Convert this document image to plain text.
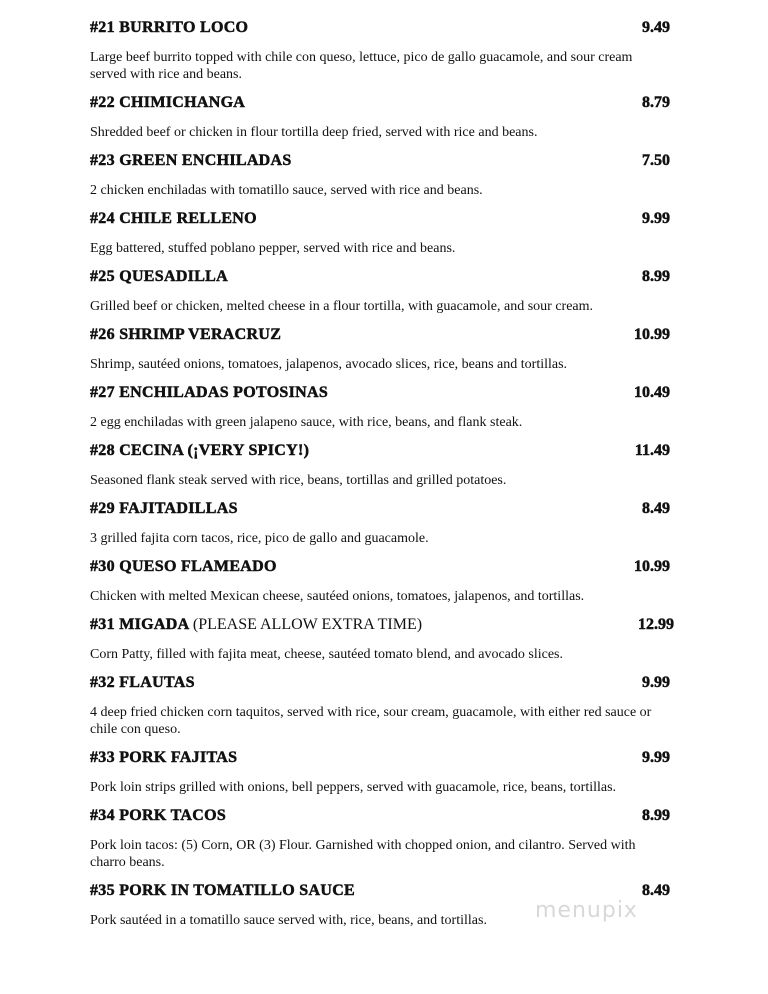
#21 BURRITO LOCO	9.49
Large beef burrito topped with chile con queso, lettuce, pico de gallo guacamole, and sour cream served with rice and beans.
#22 CHIMICHANGA	8.79
Shredded beef or chicken in flour tortilla deep fried, served with rice and beans.
#23 GREEN ENCHILADAS	7.50
2 chicken enchiladas with tomatillo sauce, served with rice and beans.
#24 CHILE RELLENO	9.99
Egg battered, stuffed poblano pepper, served with rice and beans.
#25 QUESADILLA	8.99
Grilled beef or chicken, melted cheese in a flour tortilla, with guacamole, and sour cream.
#26 SHRIMP VERACRUZ	10.99
Shrimp, sautéed onions, tomatoes, jalapenos, avocado slices, rice, beans and tortillas.
#27 ENCHILADAS POTOSINAS	10.49
2 egg enchiladas with green jalapeno sauce, with rice, beans, and flank steak.
#28 CECINA (¡VERY SPICY!)	11.49
Seasoned flank steak served with rice, beans, tortillas and grilled potatoes.
#29 FAJITADILLAS	8.49
3 grilled fajita corn tacos, rice, pico de gallo and guacamole.
#30 QUESO FLAMEADO	10.99
Chicken with melted Mexican cheese, sautéed onions, tomatoes, jalapenos, and tortillas.
#31 MIGADA (PLEASE ALLOW EXTRA TIME)	12.99
Corn Patty, filled with fajita meat, cheese, sautéed tomato blend, and avocado slices.
#32 FLAUTAS	9.99
4 deep fried chicken corn taquitos, served with rice, sour cream, guacamole, with either red sauce or chile con queso.
#33 PORK FAJITAS	9.99
Pork loin strips grilled with onions, bell peppers, served with guacamole, rice, beans, tortillas.
#34 PORK TACOS	8.99
Pork loin tacos: (5) Corn, OR (3) Flour. Garnished with chopped onion, and cilantro. Served with charro beans.
#35 PORK IN TOMATILLO SAUCE	8.49
Pork sautéed in a tomatillo sauce served with, rice, beans, and tortillas.	menupix
